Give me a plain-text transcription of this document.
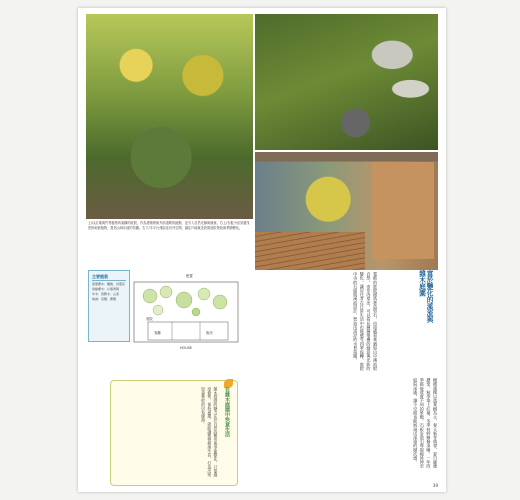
上/以紅葉與竹等植物所架構的庭院，作為建築物與外部道路的緩衝，並引入自然光線與綠意。右上/石板小徑穿過茂密的地被植物，營造山林步道的氛圍。右下/木平台連結室內外空間，讓住戶能就近欣賞庭院景致與季節變化。
配置
庭院
HOUSE
客廳	廚房
主要植栽
落葉喬木：楓樹、四照花
常綠喬木：小葉青岡
中木：馬醉木、山茶
地被：苔類、蕨類	富於變化的溪流與雜木庭園
寬敞的庭院錯落著造型石，由遠處看來猶如山中溪流般自然。由室內望出，可以看見層層堆疊的綠意與光影的變化，讓居住者在日常生活中也能感受四季流轉。庭院中央的石組與溪流設計，營造出清涼的水景氛圍。
樹種選擇以落葉樹為主，春天新芽萌發、夏日綠蔭濃密、秋季染上紅葉、冬季枝幹線條清晰，一年四季都能欣賞不同的景緻。石板步道引導視線延伸至庭院深處，讓小空間也能展現出深遠的層次感。
在雜木庭園中快意生活
雜木庭園的魅力在於自然的樹形與季節變化，只要適度修剪、保持通風，就能讓植物健康生長，打造出宛如森林般的居家綠洲。
39
